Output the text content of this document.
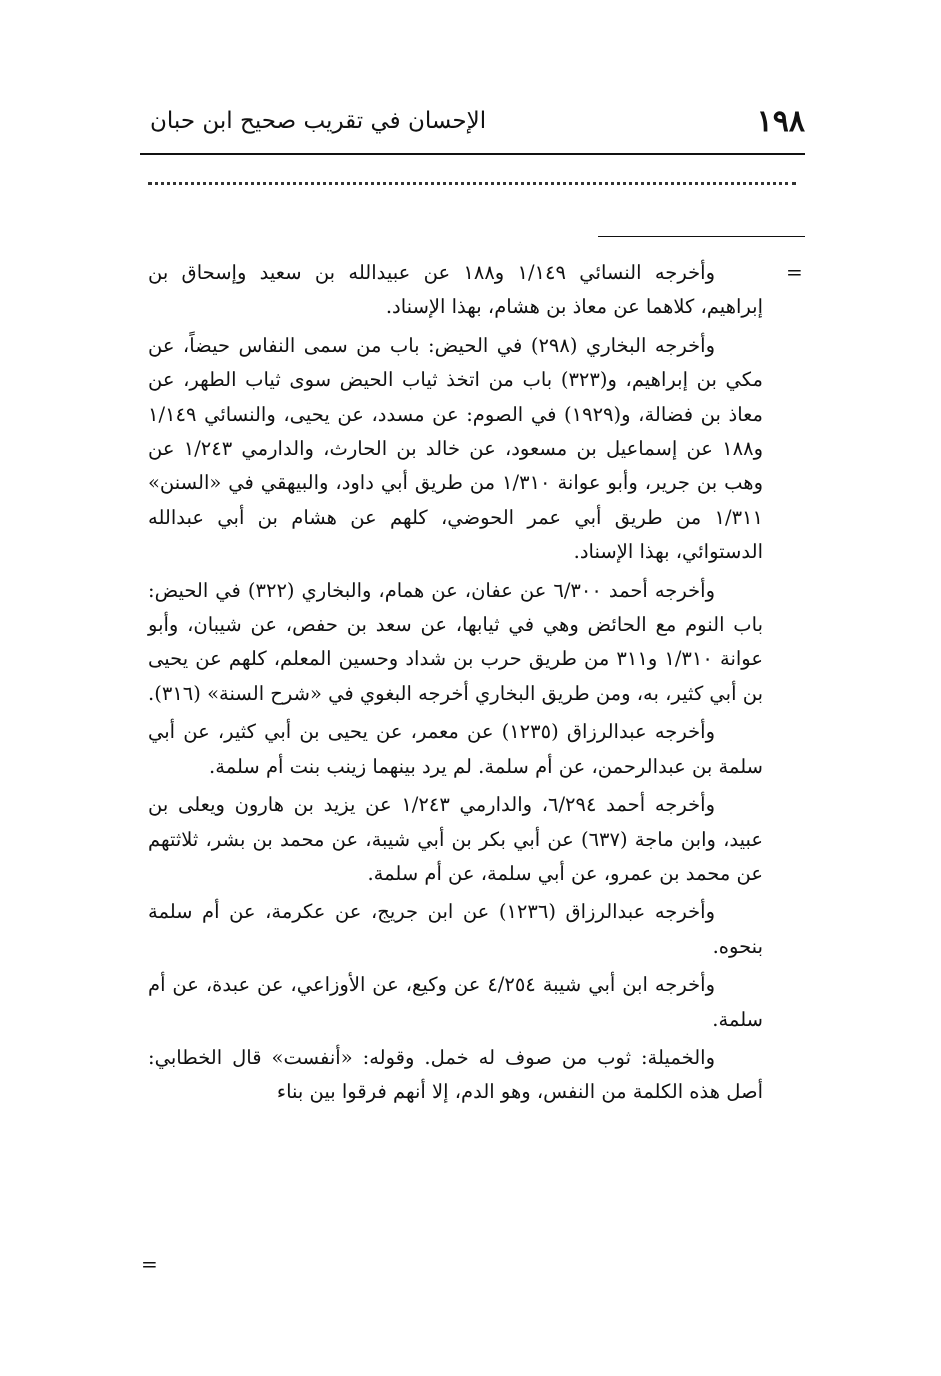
١٩٨
الإحسان في تقريب صحيح ابن حبان
=

وأخرجه النسائي ١/١٤٩ و١٨٨ عن عبيدالله بن سعيد وإسحاق بن إبراهيم، كلاهما عن معاذ بن هشام، بهذا الإسناد.

وأخرجه البخاري (٢٩٨) في الحيض: باب من سمى النفاس حيضاً، عن مكي بن إبراهيم، و(٣٢٣) باب من اتخذ ثياب الحيض سوى ثياب الطهر، عن معاذ بن فضالة، و(١٩٢٩) في الصوم: عن مسدد، عن يحيى، والنسائي ١/١٤٩ و١٨٨ عن إسماعيل بن مسعود، عن خالد بن الحارث، والدارمي ١/٢٤٣ عن وهب بن جرير، وأبو عوانة ١/٣١٠ من طريق أبي داود، والبيهقي في «السنن» ١/٣١١ من طريق أبي عمر الحوضي، كلهم عن هشام بن أبي عبدالله الدستوائي، بهذا الإسناد.

وأخرجه أحمد ٦/٣٠٠ عن عفان، عن همام، والبخاري (٣٢٢) في الحيض: باب النوم مع الحائض وهي في ثيابها، عن سعد بن حفص، عن شيبان، وأبو عوانة ١/٣١٠ و٣١١ من طريق حرب بن شداد وحسين المعلم، كلهم عن يحيى بن أبي كثير، به، ومن طريق البخاري أخرجه البغوي في «شرح السنة» (٣١٦).

وأخرجه عبدالرزاق (١٢٣٥) عن معمر، عن يحيى بن أبي كثير، عن أبي سلمة بن عبدالرحمن، عن أم سلمة. لم يرد بينهما زينب بنت أم سلمة.

وأخرجه أحمد ٦/٢٩٤، والدارمي ١/٢٤٣ عن يزيد بن هارون ويعلى بن عبيد، وابن ماجة (٦٣٧) عن أبي بكر بن أبي شيبة، عن محمد بن بشر، ثلاثتهم عن محمد بن عمرو، عن أبي سلمة، عن أم سلمة.

وأخرجه عبدالرزاق (١٢٣٦) عن ابن جريج، عن عكرمة، عن أم سلمة بنحوه.

وأخرجه ابن أبي شيبة ٤/٢٥٤ عن وكيع، عن الأوزاعي، عن عبدة، عن أم سلمة.

والخميلة: ثوب من صوف له خمل. وقوله: «أنفست» قال الخطابي: أصل هذه الكلمة من النفس، وهو الدم، إلا أنهم فرقوا بين بناء

=
